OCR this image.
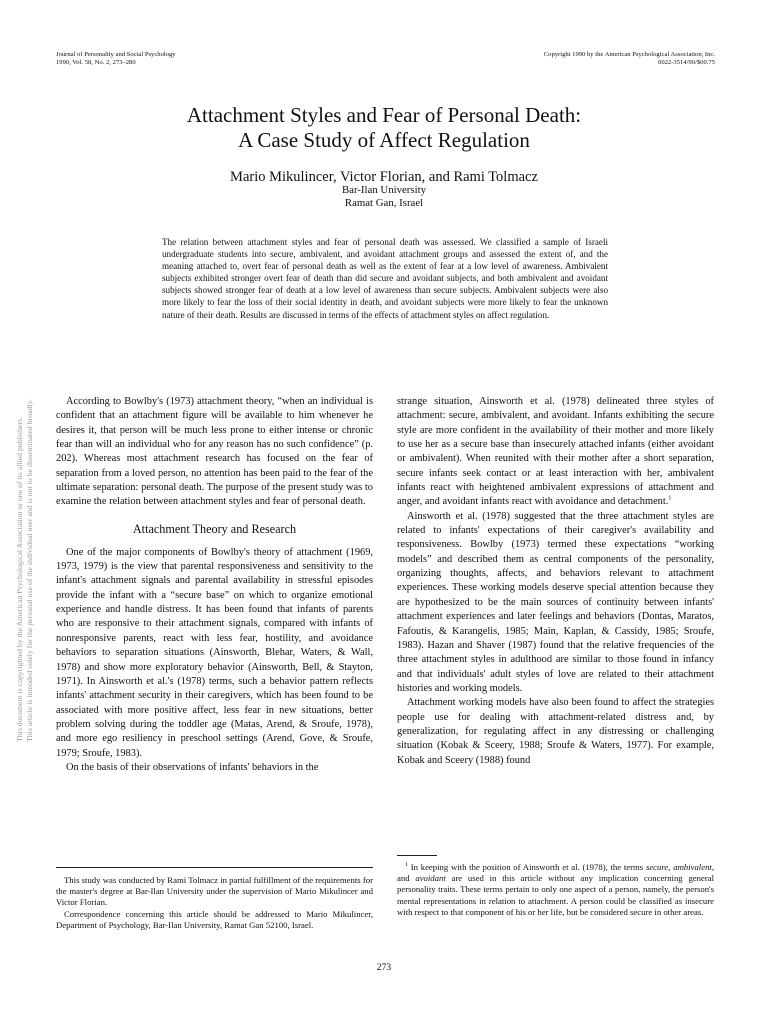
Journal of Personality and Social Psychology
1990, Vol. 58, No. 2, 273–280
Copyright 1990 by the American Psychological Association, Inc.
0022-3514/90/$00.75
This document is copyrighted by the American Psychological Association or one of its allied publishers. This article is intended solely for the personal use of the individual user and is not to be disseminated broadly.
Attachment Styles and Fear of Personal Death:
A Case Study of Affect Regulation
Mario Mikulincer, Victor Florian, and Rami Tolmacz
Bar-Ilan University
Ramat Gan, Israel
The relation between attachment styles and fear of personal death was assessed. We classified a sample of Israeli undergraduate students into secure, ambivalent, and avoidant attachment groups and assessed the extent of, and the meaning attached to, overt fear of personal death as well as the extent of fear at a low level of awareness. Ambivalent subjects exhibited stronger overt fear of death than did secure and avoidant subjects, and both ambivalent and avoidant subjects showed stronger fear of death at a low level of awareness than secure subjects. Ambivalent subjects were also more likely to fear the loss of their social identity in death, and avoidant subjects were more likely to fear the unknown nature of their death. Results are discussed in terms of the effects of attachment styles on affect regulation.

According to Bowlby's (1973) attachment theory, “when an individual is confident that an attachment figure will be available to him whenever he desires it, that person will be much less prone to either intense or chronic fear than will an individual who for any reason has no such confidence” (p. 202). Whereas most attachment research has focused on the fear of separation from a loved person, no attention has been paid to the fear of the ultimate separation: personal death. The purpose of the present study was to examine the relation between attachment styles and fear of personal death.

Attachment Theory and Research

One of the major components of Bowlby's theory of attachment (1969, 1973, 1979) is the view that parental responsiveness and sensitivity to the infant's attachment signals and parental availability in stressful episodes provide the infant with a “secure base” on which to organize emotional experience and handle distress. It has been found that infants of parents who are responsive to their attachment signals, compared with infants of nonresponsive parents, react with less fear, hostility, and avoidance behaviors to separation situations (Ainsworth, Blehar, Waters, & Wall, 1978) and show more exploratory behavior (Ainsworth, Bell, & Stayton, 1971). In Ainsworth et al.'s (1978) terms, such a behavior pattern reflects infants' attachment security in their caregivers, which has been found to be associated with more positive affect, less fear in new situations, better problem solving during the toddler age (Matas, Arend, & Sroufe, 1978), and more ego resiliency in preschool settings (Arend, Gove, & Sroufe, 1979; Sroufe, 1983).

On the basis of their observations of infants' behaviors in the

strange situation, Ainsworth et al. (1978) delineated three styles of attachment: secure, ambivalent, and avoidant. Infants exhibiting the secure style are more confident in the availability of their mother and more likely to use her as a secure base than insecurely attached infants (either avoidant or ambivalent). When reunited with their mother after a short separation, secure infants seek contact or at least interaction with her, ambivalent infants react with heightened ambivalent expressions of attachment and anger, and avoidant infants react with avoidance and detachment.$^1$

Ainsworth et al. (1978) suggested that the three attachment styles are related to infants' expectations of their caregiver's availability and responsiveness. Bowlby (1973) termed these expectations “working models” and described them as central components of the personality, organizing thoughts, affects, and behaviors relevant to attachment experiences. These working models deserve special attention because they are hypothesized to be the main sources of continuity between infants' attachment experiences and later feelings and behaviors (Dontas, Maratos, Fafoutis, & Karangelis, 1985; Main, Kaplan, & Cassidy, 1985; Sroufe, 1983). Hazan and Shaver (1987) found that the relative frequencies of the three attachment styles in adulthood are similar to those found in infancy and that individuals' adult styles of love are related to their attachment histories and working models.

Attachment working models have also been found to affect the strategies people use for dealing with attachment-related distress and, by generalization, for regulating affect in any distressing or challenging situation (Kobak & Sceery, 1988; Sroufe & Waters, 1977). For example, Kobak and Sceery (1988) found

This study was conducted by Rami Tolmacz in partial fulfillment of the requirements for the master's degree at Bar-Ilan University under the supervision of Mario Mikulincer and Victor Florian.

Correspondence concerning this article should be addressed to Mario Mikulincer, Department of Psychology, Bar-Ilan University, Ramat Gan 52100, Israel.

$^1$ In keeping with the position of Ainsworth et al. (1978), the terms secure, ambivalent, and avoidant are used in this article without any implication concerning general personality traits. These terms pertain to only one aspect of a person, namely, the person's mental representations in relation to attachment. A person could be classified as insecure with respect to that component of his or her life, but be considered secure in other areas.

273
